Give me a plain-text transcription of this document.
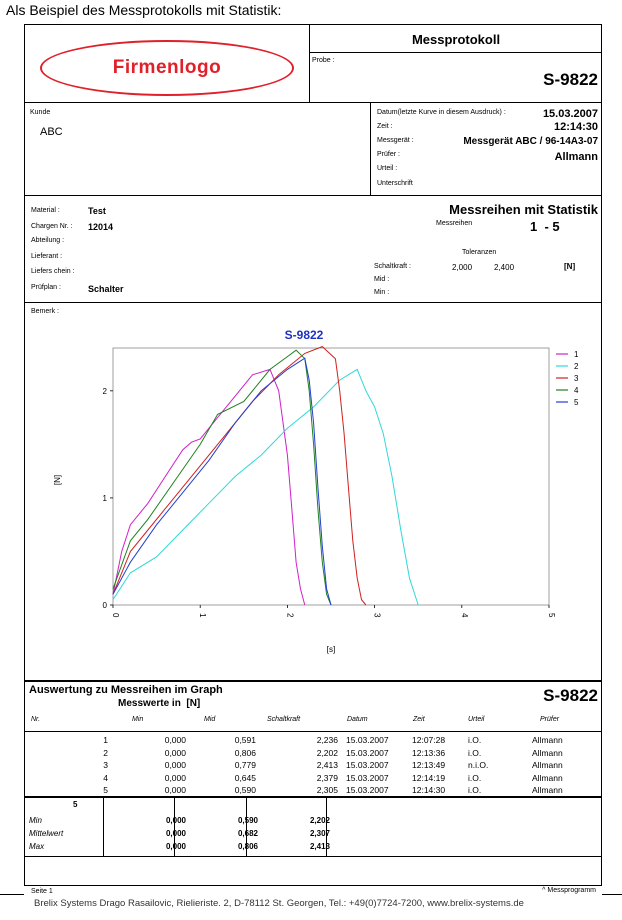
Als Beispiel des Messprotokolls mit Statistik:
Firmenlogo
Messprotokoll
Probe :
S-9822
Kunde
ABC
Datum(letzte Kurve in diesem Ausdruck) :	15.03.2007
Zeit :	12:14:30
Messgerät :	Messgerät ABC / 96-14A3-07
Prüfer :	Allmann
Urteil :
Unterschrift
Material :	Test
Chargen Nr. : 12014
Abteilung :
Lieferant :
Liefers chein :
Prüfplan :	Schalter
Messreihen mit Statistik
Messreihen	1  - 5
Toleranzen
Schaltkraft :	2,000	2,400	[N]
Mid :
Min :
Bemerk :
S-9822
0	1	2	3	4	5
0
1
2
1
2
3
4
5
[s]
[N]
Auswertung zu Messreihen im Graph
Messwerte in  [N]	S-9822
Nr.	Min	Mid	Schaltkraft	Datum	Zeit	Urteil	Prüfer
1	0,000	0,591	2,236 15.03.2007	12:07:28	i.O.	Allmann
2	0,000	0,806	2,202 15.03.2007	12:13:36	i.O.	Allmann
3	0,000	0,779	2,413 15.03.2007	12:13:49	n.i.O.	Allmann
4	0,000	0,645	2,379 15.03.2007	12:14:19	i.O.	Allmann
5	0,000	0,590	2,305 15.03.2007	12:14:30	i.O.	Allmann
5
Min	0,000	0,590	2,202
Mittelwert	0,000	0,682	2,307
Max	0,000	0,806	2,413
Seite 1	^ Messprogramm
Brelix Systems Drago Rasailovic, Rielieriste. 2, D-78112 St. Georgen, Tel.: +49(0)7724-7200, www.brelix-systems.de
